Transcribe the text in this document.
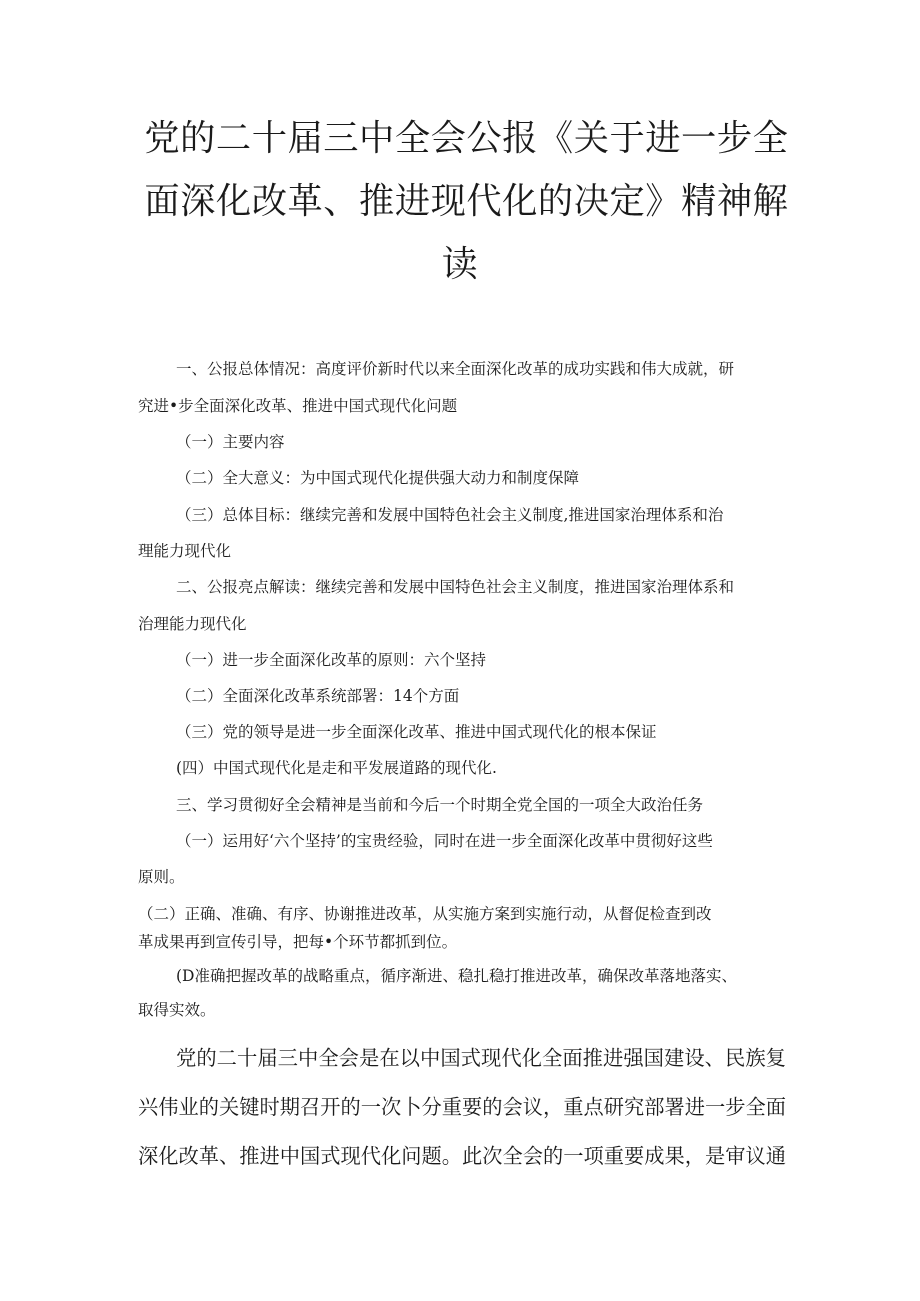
党的二十届三中全会公报《关于进一步全
面深化改革、推进现代化的决定》精神解
读

一、公报总体情况：高度评价新时代以来全面深化改革的成功实践和伟大成就，研

究进•步全面深化改革、推进中国式现代化问题

（一）主要内容

（二）全大意义：为中国式现代化提供强大动力和制度保障

（三）总体目标：继续完善和发展中国特色社会主义制度,推进国家治理体系和治

理能力现代化

二、公报亮点解读：继续完善和发展中国特色社会主义制度，推进国家治理体系和

治理能力现代化

（一）进一步全面深化改革的原则：六个坚持

（二）全面深化改革系统部署：14个方面

（三）党的领导是进一步全面深化改革、推进中国式现代化的根本保证

(四）中国式现代化是走和平发展道路的现代化.

三、学习贯彻好全会精神是当前和今后一个时期全党全国的一项全大政治任务

（一）运用好‘六个坚持’的宝贵经验，同时在进一步全面深化改革中贯彻好这些

原则。

（二）正确、准确、有序、协谢推进改革，从实施方案到实施行动，从督促检查到改

革成果再到宣传引导，把每•个环节都抓到位。

(D准确把握改革的战略重点，循序渐进、稳扎稳打推进改革，确保改革落地落实、

取得实效。

党的二十届三中全会是在以中国式现代化全面推进强国建设、民族复

兴伟业的关键时期召开的一次卜分重要的会议，重点研究部署进一步全面

深化改革、推进中国式现代化问题。此次全会的一项重要成果，是审议通
